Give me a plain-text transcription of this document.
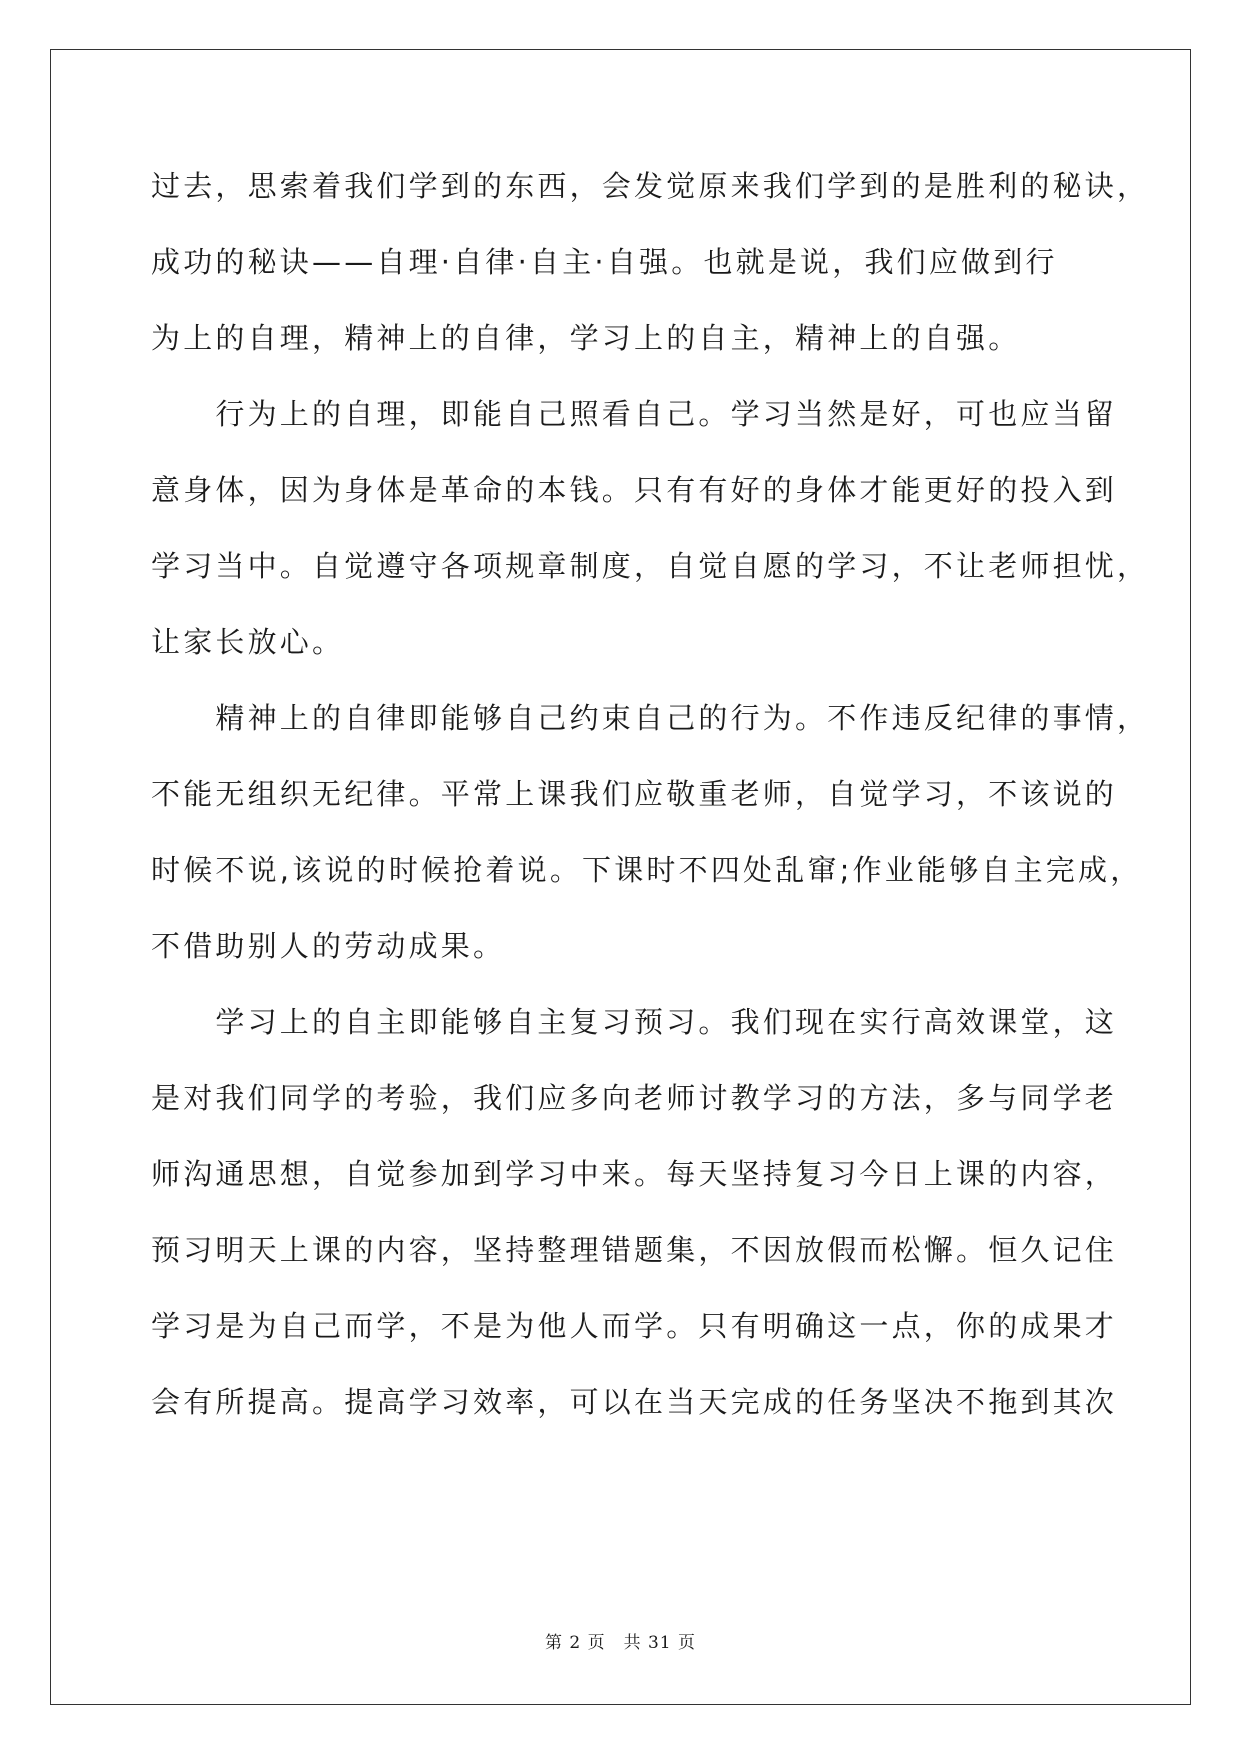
过去，思索着我们学到的东西，会发觉原来我们学到的是胜利的秘诀，
成功的秘诀——自理·自律·自主·自强。也就是说，我们应做到行
为上的自理，精神上的自律，学习上的自主，精神上的自强。
　　行为上的自理，即能自己照看自己。学习当然是好，可也应当留
意身体，因为身体是革命的本钱。只有有好的身体才能更好的投入到
学习当中。自觉遵守各项规章制度，自觉自愿的学习，不让老师担忧，
让家长放心。
　　精神上的自律即能够自己约束自己的行为。不作违反纪律的事情，
不能无组织无纪律。平常上课我们应敬重老师，自觉学习，不该说的
时候不说,该说的时候抢着说。下课时不四处乱窜;作业能够自主完成，
不借助别人的劳动成果。
　　学习上的自主即能够自主复习预习。我们现在实行高效课堂，这
是对我们同学的考验，我们应多向老师讨教学习的方法，多与同学老
师沟通思想，自觉参加到学习中来。每天坚持复习今日上课的内容，
预习明天上课的内容，坚持整理错题集，不因放假而松懈。恒久记住
学习是为自己而学，不是为他人而学。只有明确这一点，你的成果才
会有所提高。提高学习效率，可以在当天完成的任务坚决不拖到其次
第 2 页　共 31 页
